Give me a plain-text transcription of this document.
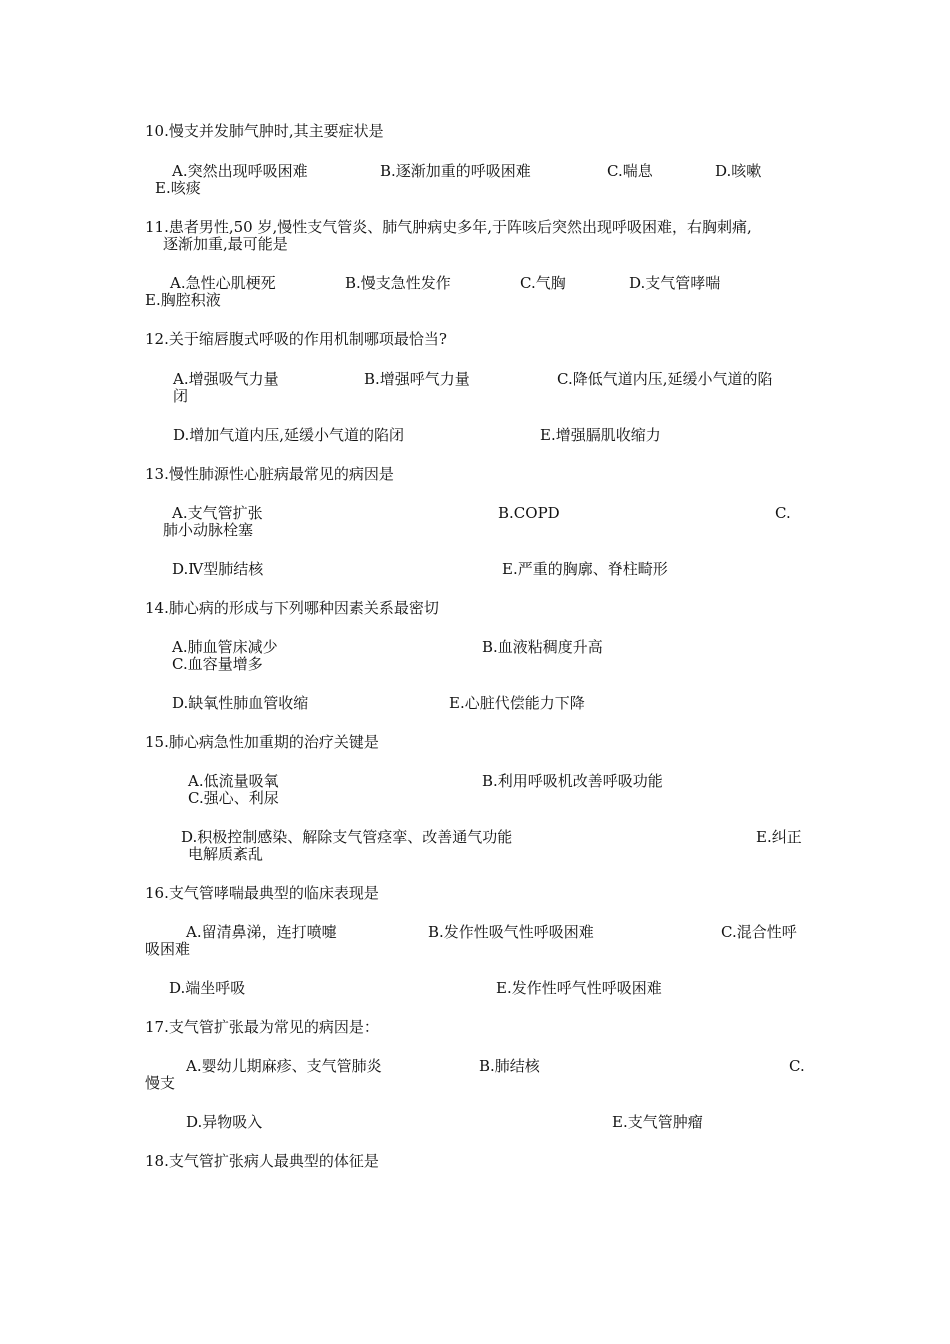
10.慢支并发肺气肿时,其主要症状是
A.突然出现呼吸困难	B.逐渐加重的呼吸困难	C.喘息	D.咳嗽
E.咳痰
11.患者男性,50 岁,慢性支气管炎、肺气肿病史多年,于阵咳后突然出现呼吸困难，右胸刺痛,
逐渐加重,最可能是
A.急性心肌梗死	B.慢支急性发作	C.气胸	D.支气管哮喘
E.胸腔积液
12.关于缩唇腹式呼吸的作用机制哪项最恰当?
A.增强吸气力量	B.增强呼气力量	C.降低气道内压,延缓小气道的陷
闭
D.增加气道内压,延缓小气道的陷闭	E.增强膈肌收缩力
13.慢性肺源性心脏病最常见的病因是
A.支气管扩张	B.COPD	C.
肺小动脉栓塞
D.Ⅳ型肺结核	E.严重的胸廓、脊柱畸形
14.肺心病的形成与下列哪种因素关系最密切
A.肺血管床减少	B.血液粘稠度升高
C.血容量增多
D.缺氧性肺血管收缩	E.心脏代偿能力下降
15.肺心病急性加重期的治疗关键是
A.低流量吸氧	B.利用呼吸机改善呼吸功能
C.强心、利尿
D.积极控制感染、解除支气管痉挛、改善通气功能	E.纠正
电解质紊乱
16.支气管哮喘最典型的临床表现是
A.留清鼻涕，连打喷嚏	B.发作性吸气性呼吸困难	C.混合性呼
吸困难
D.端坐呼吸	E.发作性呼气性呼吸困难
17.支气管扩张最为常见的病因是：
A.婴幼儿期麻疹、支气管肺炎	B.肺结核	C.
慢支
D.异物吸入	E.支气管肿瘤
18.支气管扩张病人最典型的体征是
